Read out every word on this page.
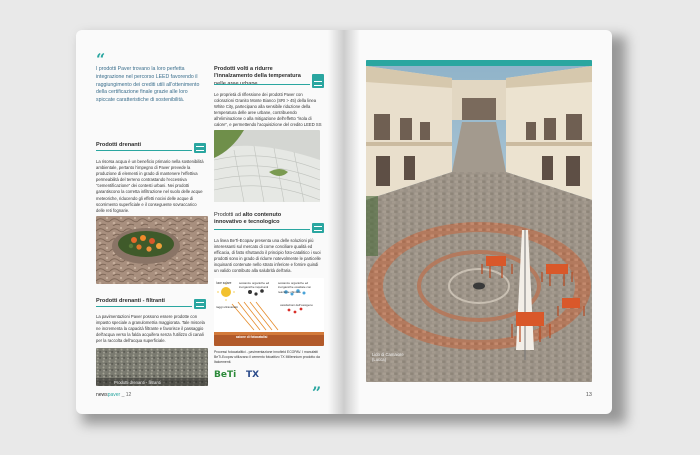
“
I prodotti Paver trovano la loro perfetta integrazione nel percorso LEED favorendo il raggiungimento dei crediti utili all'ottenimento della certificazione finale grazie alle loro spiccate caratteristiche di sostenibilità.
Prodotti drenanti
La risorsa acqua è un beneficio primario nella sostenibilità ambientale, pertanto l'impegno di Paver prevede la produzione di elementi in grado di mantenere l'effettiva permeabilità del terreno contrastando l'eccessiva "cementificazione" dei contesti urbani. Nei prodotti garantiscono la corretta infiltrazione nel suolo delle acque meteoriche, riducendo gli effetti nocivi delle acque di scorrimento superficiale e il conseguente sovraccarico delle reti fognarie.
Prodotti drenanti - filtranti
La pavimentazioni Paver possono essere prodotte con impasto speciale a granulometria maggiorata. Tale miscela ne incrementa la capacità filtrante e favorisce il passaggio dell'acqua verso la falda acquifera senza l'utilizzo di canali per la raccolta dell'acqua superficiale.
Prodotti drenanti - filtranti
Prodotti volti a ridurre l'innalzamento della temperatura
Le proprietà di riflessione dei prodotti Paver con colorazioni Granito Monte Bianco (SRI > 45) della linea White City, partecipano alla sensibile riduzione della temperatura delle aree urbane, contribuendo all'eliminazione o alla mitigazione dell'effetto "isola di calore", e permettendo l'acquisizione del credito LEED SS
Prodotti ad alto contenuto innovativo e tecnologico
La linea BeTi-Ecopav presenta una delle soluzioni più interessanti sul mercato di come conciliare qualità ed efficacia, di fatto sfruttando il principio foto-catalitico i suoi prodotti sono in grado di ridurre notevolmente le particelle inquinanti contenute nello strato inferiore e fornire quindi un valido contributo alla salubrità dell'aria.
luce solare	sostanze organiche ed inorganiche inquinanti
sostanze organiche ed inorganiche ossidate con reazione chimica
ossidazioni dell'ossigeno
raggi ultravioletti
azione di fotocatalisi
Processi fotocatalitici - pavimentazione innofield ECOPAV. I manufatti BeTi-Ecopav utilizzano il cemento fotoattivo TX Millennium prodotto da Italcementi.
BeTi TX
”
newspaver _ 12
Lido di Camaiore
(Lucca)
13
